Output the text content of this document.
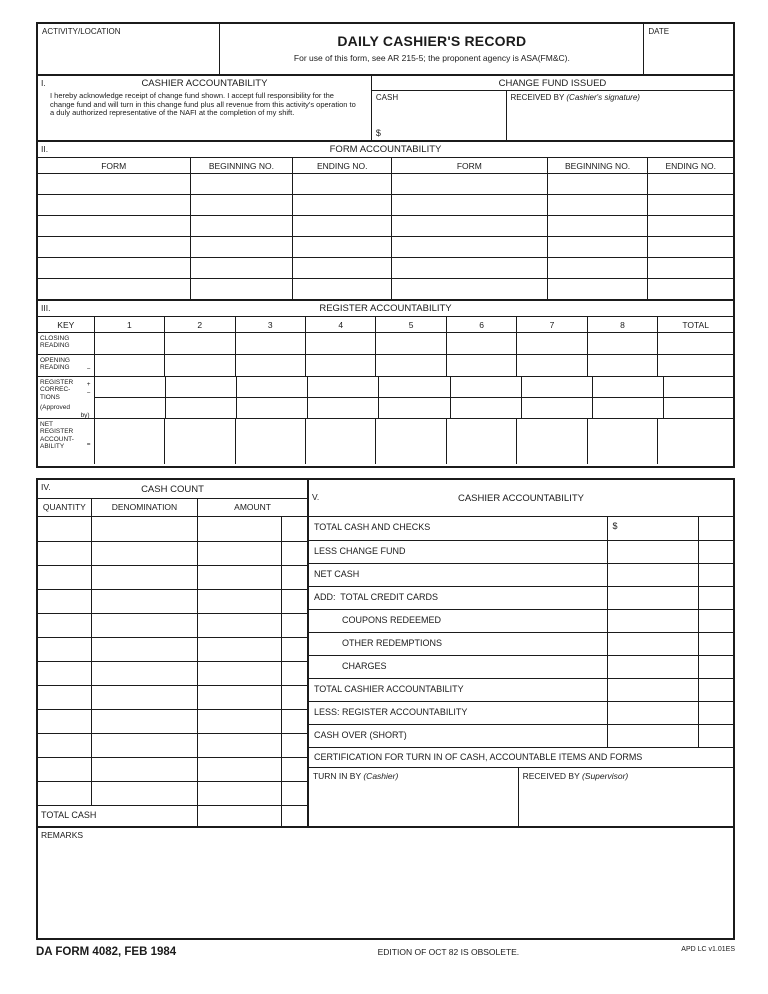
ACTIVITY/LOCATION
DAILY CASHIER'S RECORD
For use of this form, see AR 215-5; the proponent agency is ASA(FM&C).
DATE
I.	CASHIER ACCOUNTABILITY
I hereby acknowledge receipt of change fund shown. I accept full responsibility for the change fund and will turn in this change fund plus all revenue from this activity's operation to a duly authorized representative of the NAFI at the completion of my shift.
CHANGE FUND ISSUED
CASH
$
RECEIVED BY (Cashier's signature)
II.	FORM ACCOUNTABILITY
FORM	BEGINNING NO.	ENDING NO.	FORM	BEGINNING NO.	ENDING NO.
III.	REGISTER ACCOUNTABILITY
KEY	1	2	3	4	5	6	7	8	TOTAL
CLOSING
READING
OPENING
READING	−
REGISTER
CORREC-
TIONS
+
−
(Approved
by)
NET
REGISTER
ACCOUNT-
ABILITY	=
IV.	CASH COUNT
QUANTITY	DENOMINATION	AMOUNT
V.	CASHIER ACCOUNTABILITY
TOTAL CASH
TOTAL CASH AND CHECKS	$
LESS CHANGE FUND
NET CASH
ADD:  TOTAL CREDIT CARDS
COUPONS REDEEMED
OTHER REDEMPTIONS
CHARGES
TOTAL CASHIER ACCOUNTABILITY
LESS: REGISTER ACCOUNTABILITY
CASH OVER (SHORT)
CERTIFICATION FOR TURN IN OF CASH, ACCOUNTABLE ITEMS AND FORMS
TURN IN BY (Cashier)	RECEIVED BY (Supervisor)
REMARKS
DA FORM 4082, FEB 1984	EDITION OF OCT 82 IS OBSOLETE.	APD LC v1.01ES
